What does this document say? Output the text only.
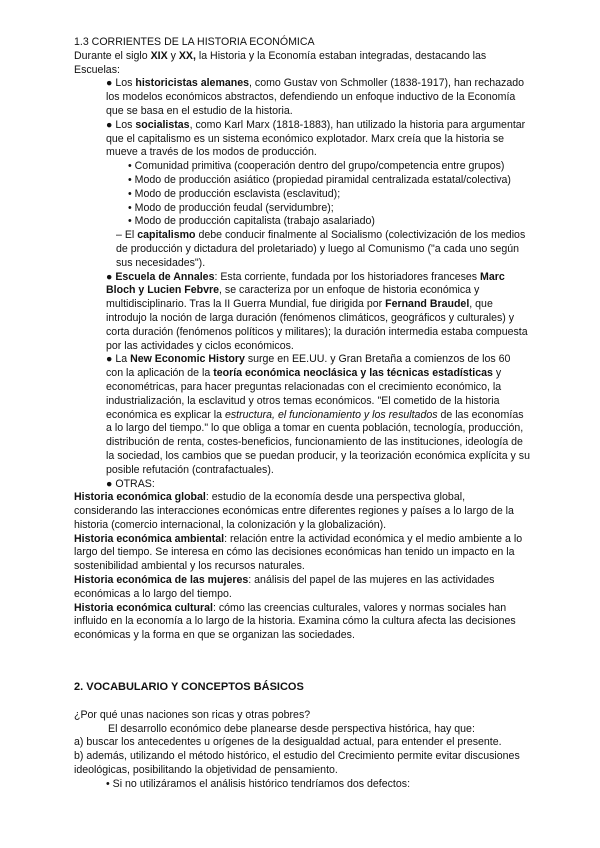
1.3 CORRIENTES DE LA HISTORIA ECONÓMICA

Durante el siglo XIX y XX, la Historia y la Economía estaban integradas, destacando las Escuelas:

● Los historicistas alemanes, como Gustav von Schmoller (1838-1917), han rechazado los modelos económicos abstractos, defendiendo un enfoque inductivo de la Economía que se basa en el estudio de la historia.

● Los socialistas, como Karl Marx (1818-1883), han utilizado la historia para argumentar que el capitalismo es un sistema económico explotador. Marx creía que la historia se mueve a través de los modos de producción.

• Comunidad primitiva (cooperación dentro del grupo/competencia entre grupos)

• Modo de producción asiático (propiedad piramidal centralizada estatal/colectiva)

• Modo de producción esclavista (esclavitud);

• Modo de producción feudal (servidumbre);

• Modo de producción capitalista (trabajo asalariado)

– El capitalismo debe conducir finalmente al Socialismo (colectivización de los medios de producción y dictadura del proletariado) y luego al Comunismo ("a cada uno según sus necesidades").

● Escuela de Annales: Esta corriente, fundada por los historiadores franceses Marc Bloch y Lucien Febvre, se caracteriza por un enfoque de historia económica y multidisciplinario. Tras la II Guerra Mundial, fue dirigida por Fernand Braudel, que introdujo la noción de larga duración (fenómenos climáticos, geográficos y culturales) y corta duración (fenómenos políticos y militares); la duración intermedia estaba compuesta por las actividades y ciclos económicos.

● La New Economic History surge en EE.UU. y Gran Bretaña a comienzos de los 60 con la aplicación de la teoría económica neoclásica y las técnicas estadísticas y econométricas, para hacer preguntas relacionadas con el crecimiento económico, la industrialización, la esclavitud y otros temas económicos. "El cometido de la historia económica es explicar la estructura, el funcionamiento y los resultados de las economías a lo largo del tiempo." lo que obliga a tomar en cuenta población, tecnología, producción, distribución de renta, costes-beneficios, funcionamiento de las instituciones, ideología de la sociedad, los cambios que se puedan producir, y la teorización económica explícita y su posible refutación (contrafactuales).

● OTRAS:

Historia económica global: estudio de la economía desde una perspectiva global, considerando las interacciones económicas entre diferentes regiones y países a lo largo de la historia (comercio internacional, la colonización y la globalización).

Historia económica ambiental: relación entre la actividad económica y el medio ambiente a lo largo del tiempo. Se interesa en cómo las decisiones económicas han tenido un impacto en la sostenibilidad ambiental y los recursos naturales.

Historia económica de las mujeres: análisis del papel de las mujeres en las actividades económicas a lo largo del tiempo.

Historia económica cultural: cómo las creencias culturales, valores y normas sociales han influido en la economía a lo largo de la historia. Examina cómo la cultura afecta las decisiones económicas y la forma en que se organizan las sociedades.

2. VOCABULARIO Y CONCEPTOS BÁSICOS

¿Por qué unas naciones son ricas y otras pobres?

El desarrollo económico debe planearse desde perspectiva histórica, hay que:

a) buscar los antecedentes u orígenes de la desigualdad actual, para entender el presente.

b) además, utilizando el método histórico, el estudio del Crecimiento permite evitar discusiones ideológicas, posibilitando la objetividad de pensamiento.

• Si no utilizáramos el análisis histórico tendríamos dos defectos:
